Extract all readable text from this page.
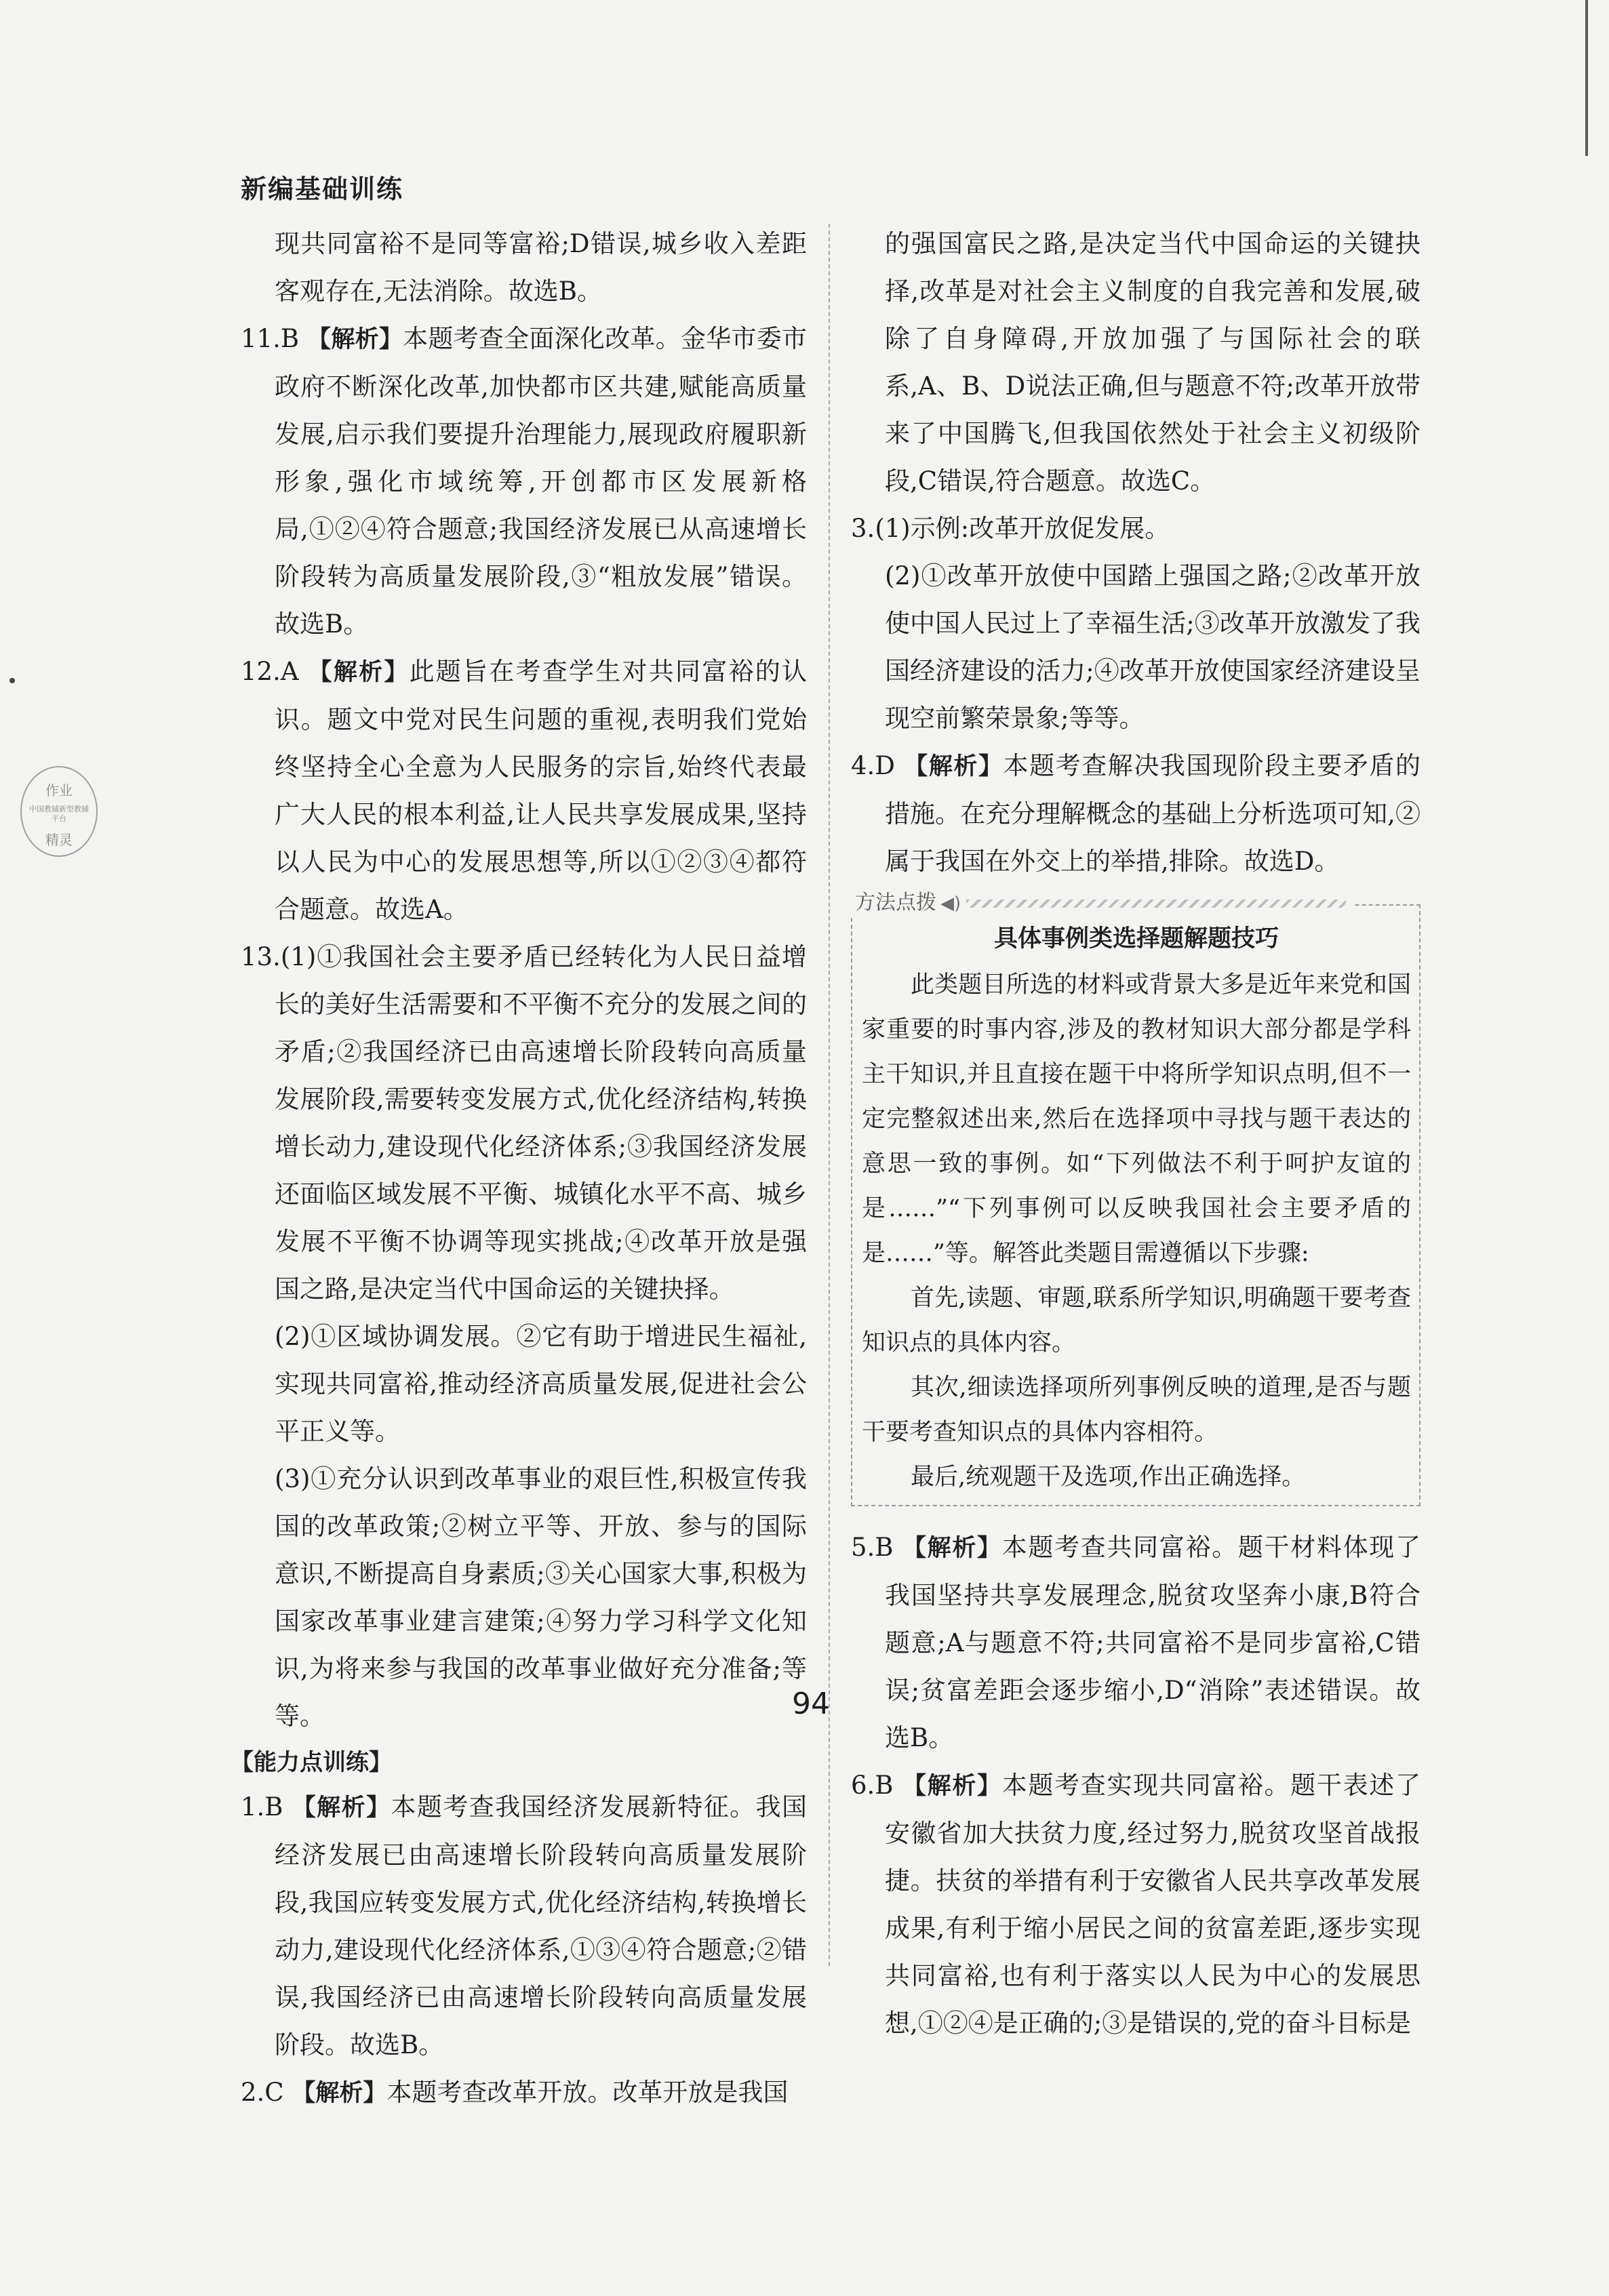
作业
中国教辅新型教辅平台
精灵
新编基础训练

现共同富裕不是同等富裕;D错误,城乡收入差距客观存在,无法消除。故选B。

11.B 【解析】本题考查全面深化改革。金华市委市政府不断深化改革,加快都市区共建,赋能高质量发展,启示我们要提升治理能力,展现政府履职新形象,强化市域统筹,开创都市区发展新格局,①②④符合题意;我国经济发展已从高速增长阶段转为高质量发展阶段,③“粗放发展”错误。故选B。

12.A 【解析】此题旨在考查学生对共同富裕的认识。题文中党对民生问题的重视,表明我们党始终坚持全心全意为人民服务的宗旨,始终代表最广大人民的根本利益,让人民共享发展成果,坚持以人民为中心的发展思想等,所以①②③④都符合题意。故选A。

13.(1)①我国社会主要矛盾已经转化为人民日益增长的美好生活需要和不平衡不充分的发展之间的矛盾;②我国经济已由高速增长阶段转向高质量发展阶段,需要转变发展方式,优化经济结构,转换增长动力,建设现代化经济体系;③我国经济发展还面临区域发展不平衡、城镇化水平不高、城乡发展不平衡不协调等现实挑战;④改革开放是强国之路,是决定当代中国命运的关键抉择。

(2)①区域协调发展。②它有助于增进民生福祉,实现共同富裕,推动经济高质量发展,促进社会公平正义等。

(3)①充分认识到改革事业的艰巨性,积极宣传我国的改革政策;②树立平等、开放、参与的国际意识,不断提高自身素质;③关心国家大事,积极为国家改革事业建言建策;④努力学习科学文化知识,为将来参与我国的改革事业做好充分准备;等等。

【能力点训练】

1.B 【解析】本题考查我国经济发展新特征。我国经济发展已由高速增长阶段转向高质量发展阶段,我国应转变发展方式,优化经济结构,转换增长动力,建设现代化经济体系,①③④符合题意;②错误,我国经济已由高速增长阶段转向高质量发展阶段。故选B。

2.C 【解析】本题考查改革开放。改革开放是我国

的强国富民之路,是决定当代中国命运的关键抉择,改革是对社会主义制度的自我完善和发展,破除了自身障碍,开放加强了与国际社会的联系,A、B、D说法正确,但与题意不符;改革开放带来了中国腾飞,但我国依然处于社会主义初级阶段,C错误,符合题意。故选C。

3.(1)示例:改革开放促发展。

(2)①改革开放使中国踏上强国之路;②改革开放使中国人民过上了幸福生活;③改革开放激发了我国经济建设的活力;④改革开放使国家经济建设呈现空前繁荣景象;等等。

4.D 【解析】本题考查解决我国现阶段主要矛盾的措施。在充分理解概念的基础上分析选项可知,②属于我国在外交上的举措,排除。故选D。

方法点拨 ◀)
具体事例类选择题解题技巧

此类题目所选的材料或背景大多是近年来党和国家重要的时事内容,涉及的教材知识大部分都是学科主干知识,并且直接在题干中将所学知识点明,但不一定完整叙述出来,然后在选择项中寻找与题干表达的意思一致的事例。如“下列做法不利于呵护友谊的是……”“下列事例可以反映我国社会主要矛盾的是……”等。解答此类题目需遵循以下步骤:

首先,读题、审题,联系所学知识,明确题干要考查知识点的具体内容。

其次,细读选择项所列事例反映的道理,是否与题干要考查知识点的具体内容相符。

最后,统观题干及选项,作出正确选择。

5.B 【解析】本题考查共同富裕。题干材料体现了我国坚持共享发展理念,脱贫攻坚奔小康,B符合题意;A与题意不符;共同富裕不是同步富裕,C错误;贫富差距会逐步缩小,D“消除”表述错误。故选B。

6.B 【解析】本题考查实现共同富裕。题干表述了安徽省加大扶贫力度,经过努力,脱贫攻坚首战报捷。扶贫的举措有利于安徽省人民共享改革发展成果,有利于缩小居民之间的贫富差距,逐步实现共同富裕,也有利于落实以人民为中心的发展思想,①②④是正确的;③是错误的,党的奋斗目标是

94
